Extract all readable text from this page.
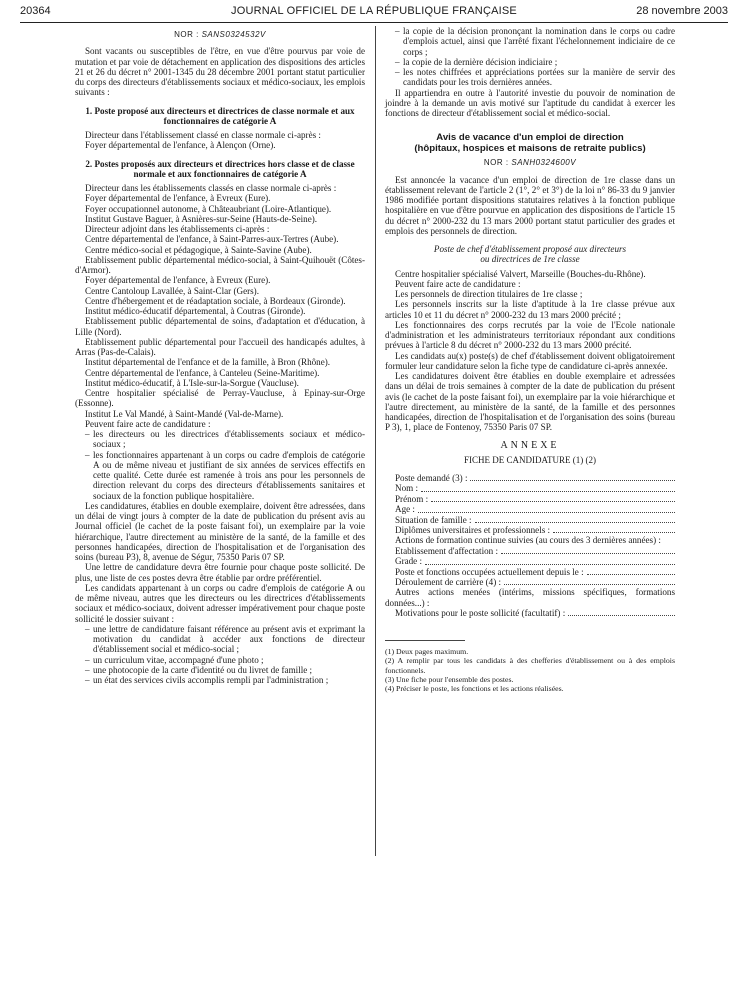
20364	JOURNAL OFFICIEL DE LA RÉPUBLIQUE FRANÇAISE	28 novembre 2003
NOR : SANS0324532V

Sont vacants ou susceptibles de l'être, en vue d'être pourvus par voie de mutation et par voie de détachement en application des dispositions des articles 21 et 26 du décret n° 2001-1345 du 28 décembre 2001 portant statut particulier du corps des directeurs d'établissements sociaux et médico-sociaux, les emplois suivants :

1. Poste proposé aux directeurs et directrices de classe normale et aux fonctionnaires de catégorie A

Directeur dans l'établissement classé en classe normale ci-après :

Foyer départemental de l'enfance, à Alençon (Orne).

2. Postes proposés aux directeurs et directrices hors classe et de classe normale et aux fonctionnaires de catégorie A

Directeur dans les établissements classés en classe normale ci-après :

Foyer départemental de l'enfance, à Evreux (Eure).

Foyer occupationnel autonome, à Châteaubriant (Loire-Atlantique).

Institut Gustave Baguer, à Asnières-sur-Seine (Hauts-de-Seine).

Directeur adjoint dans les établissements ci-après :

Centre départemental de l'enfance, à Saint-Parres-aux-Tertres (Aube).

Centre médico-social et pédagogique, à Sainte-Savine (Aube).

Etablissement public départemental médico-social, à Saint-Quihouët (Côtes-d'Armor).

Foyer départemental de l'enfance, à Evreux (Eure).

Centre Cantoloup Lavallée, à Saint-Clar (Gers).

Centre d'hébergement et de réadaptation sociale, à Bordeaux (Gironde).

Institut médico-éducatif départemental, à Coutras (Gironde).

Etablissement public départemental de soins, d'adaptation et d'éducation, à Lille (Nord).

Etablissement public départemental pour l'accueil des handicapés adultes, à Arras (Pas-de-Calais).

Institut départemental de l'enfance et de la famille, à Bron (Rhône).

Centre départemental de l'enfance, à Canteleu (Seine-Maritime).

Institut médico-éducatif, à L'Isle-sur-la-Sorgue (Vaucluse).

Centre hospitalier spécialisé de Perray-Vaucluse, à Epinay-sur-Orge (Essonne).

Institut Le Val Mandé, à Saint-Mandé (Val-de-Marne).

Peuvent faire acte de candidature :

– les directeurs ou les directrices d'établissements sociaux et médico-sociaux ;
– les fonctionnaires appartenant à un corps ou cadre d'emplois de catégorie A ou de même niveau et justifiant de six années de services effectifs en cette qualité. Cette durée est ramenée à trois ans pour les personnels de direction relevant du corps des directeurs d'établissements sanitaires et sociaux de la fonction publique hospitalière.

Les candidatures, établies en double exemplaire, doivent être adressées, dans un délai de vingt jours à compter de la date de publication du présent avis au Journal officiel (le cachet de la poste faisant foi), un exemplaire par la voie hiérarchique, l'autre directement au ministère de la santé, de la famille et des personnes handicapées, direction de l'hospitalisation et de l'organisation des soins (bureau P3), 8, avenue de Ségur, 75350 Paris 07 SP.

Une lettre de candidature devra être fournie pour chaque poste sollicité. De plus, une liste de ces postes devra être établie par ordre préférentiel.

Les candidats appartenant à un corps ou cadre d'emplois de catégorie A ou de même niveau, autres que les directeurs ou les directrices d'établissements sociaux et médico-sociaux, doivent adresser impérativement pour chaque poste sollicité le dossier suivant :

– une lettre de candidature faisant référence au présent avis et exprimant la motivation du candidat à accéder aux fonctions de directeur d'établissement social et médico-social ;
– un curriculum vitae, accompagné d'une photo ;
– une photocopie de la carte d'identité ou du livret de famille ;
– un état des services civils accomplis rempli par l'administration ;
– la copie de la décision prononçant la nomination dans le corps ou cadre d'emplois actuel, ainsi que l'arrêté fixant l'échelonnement indiciaire de ce corps ;
– la copie de la dernière décision indiciaire ;
– les notes chiffrées et appréciations portées sur la manière de servir des candidats pour les trois dernières années.

Il appartiendra en outre à l'autorité investie du pouvoir de nomination de joindre à la demande un avis motivé sur l'aptitude du candidat à exercer les fonctions de directeur d'établissement social et médico-social.

Avis de vacance d'un emploi de direction
(hôpitaux, hospices et maisons de retraite publics)
NOR : SANH0324600V

Est annoncée la vacance d'un emploi de direction de 1re classe dans un établissement relevant de l'article 2 (1°, 2° et 3°) de la loi n° 86-33 du 9 janvier 1986 modifiée portant dispositions statutaires relatives à la fonction publique hospitalière en vue d'être pourvue en application des dispositions de l'article 15 du décret n° 2000-232 du 13 mars 2000 portant statut particulier des grades et emplois des personnels de direction.

Poste de chef d'établissement proposé aux directeurs
ou directrices de 1re classe

Centre hospitalier spécialisé Valvert, Marseille (Bouches-du-Rhône).

Peuvent faire acte de candidature :

Les personnels de direction titulaires de 1re classe ;

Les personnels inscrits sur la liste d'aptitude à la 1re classe prévue aux articles 10 et 11 du décret n° 2000-232 du 13 mars 2000 précité ;

Les fonctionnaires des corps recrutés par la voie de l'Ecole nationale d'administration et les administrateurs territoriaux répondant aux conditions prévues à l'article 8 du décret n° 2000-232 du 13 mars 2000 précité.

Les candidats au(x) poste(s) de chef d'établissement doivent obligatoirement formuler leur candidature selon la fiche type de candidature ci-après annexée.

Les candidatures doivent être établies en double exemplaire et adressées dans un délai de trois semaines à compter de la date de publication du présent avis (le cachet de la poste faisant foi), un exemplaire par la voie hiérarchique et l'autre directement, au ministère de la santé, de la famille et des personnes handicapées, direction de l'hospitalisation et de l'organisation des soins (bureau P 3), 1, place de Fontenoy, 75350 Paris 07 SP.

ANNEXE
FICHE DE CANDIDATURE (1) (2)
Poste demandé (3) :
Nom :
Prénom :
Age :
Situation de famille :
Diplômes universitaires et professionnels :

Actions de formation continue suivies (au cours des 3 dernières années) :

Etablissement d'affectation :
Grade :
Poste et fonctions occupées actuellement depuis le :
Déroulement de carrière (4) :

Autres actions menées (intérims, missions spécifiques, formations données...) :

Motivations pour le poste sollicité (facultatif) :

(1) Deux pages maximum.

(2) A remplir par tous les candidats à des chefferies d'établissement ou à des emplois fonctionnels.

(3) Une fiche pour l'ensemble des postes.

(4) Préciser le poste, les fonctions et les actions réalisées.
